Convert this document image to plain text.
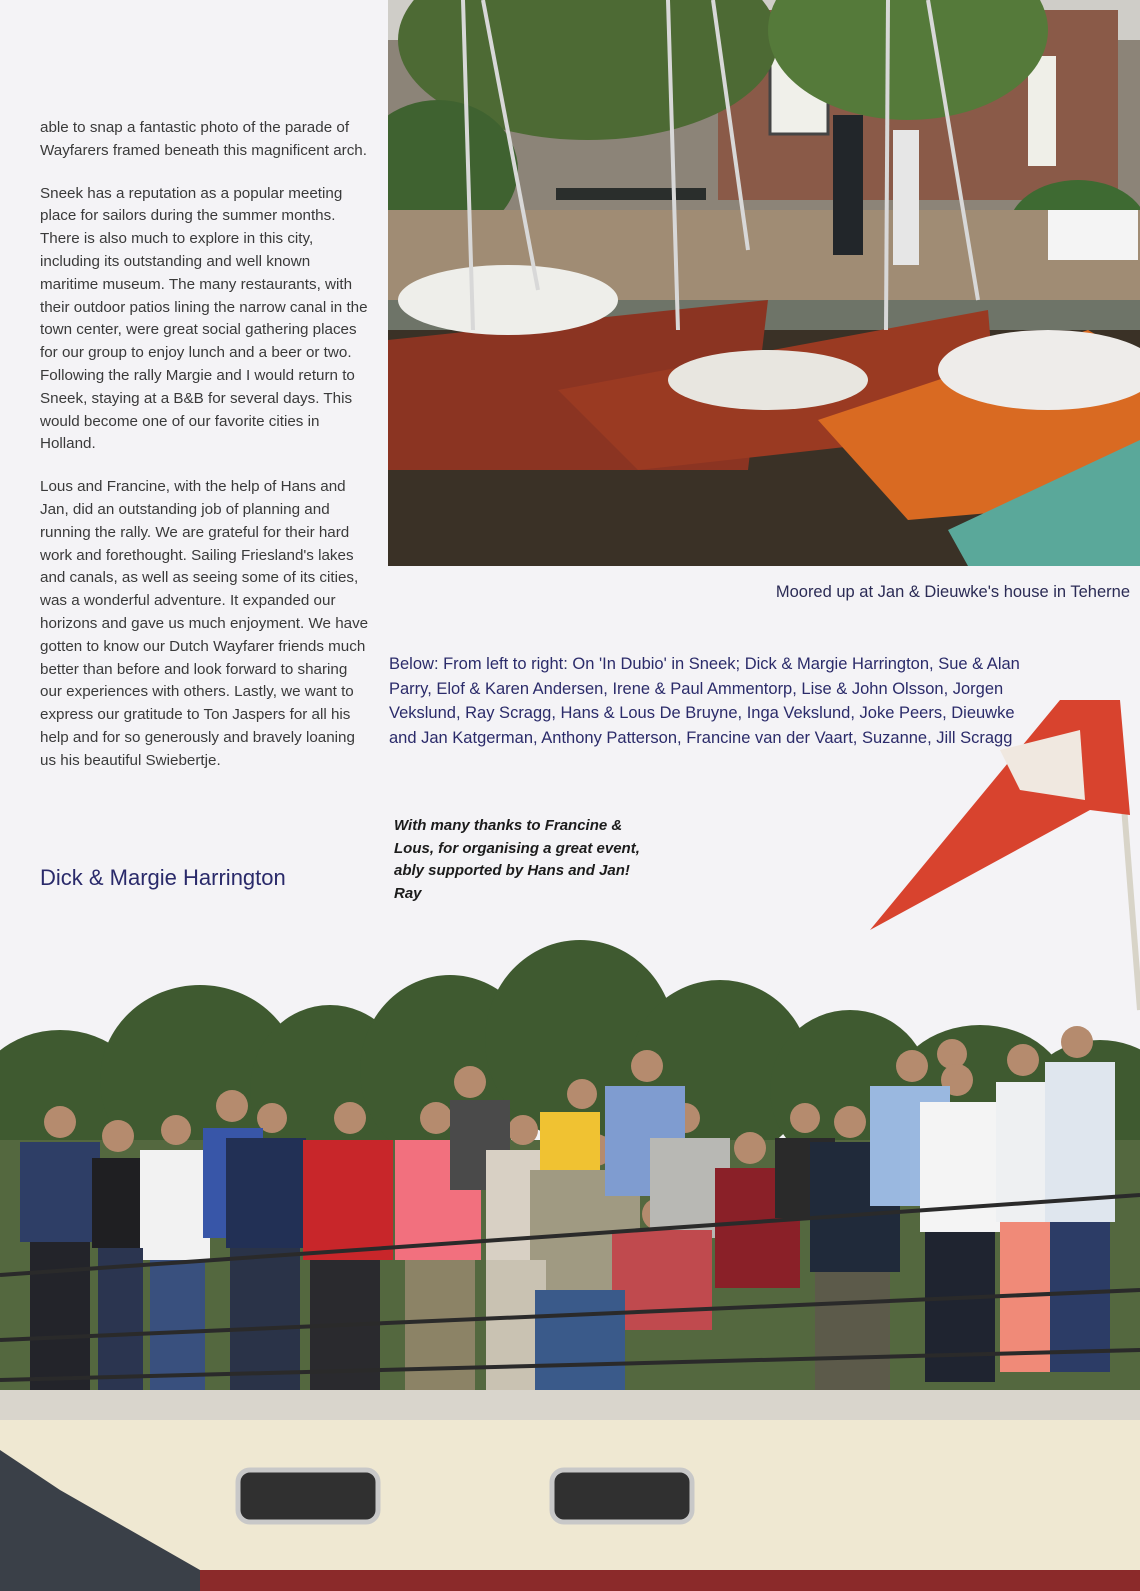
able to snap a fantastic photo of the parade of Wayfarers framed beneath this magnificent arch.

Sneek has a reputation as a popular meeting place for sailors during the summer months. There is also much to explore in this city, including its outstanding and well known maritime museum. The many restaurants, with their outdoor patios lining the narrow canal in the town center, were great social gathering places for our group to enjoy lunch and a beer or two. Following the rally Margie and I would return to Sneek, staying at a B&B for several days. This would become one of our favorite cities in Holland.

Lous and Francine, with the help of Hans and Jan, did an outstanding job of planning and running the rally. We are grateful for their hard work and forethought. Sailing Friesland's lakes and canals, as well as seeing some of its cities, was a wonderful adventure. It expanded our horizons and gave us much enjoyment. We have gotten to know our Dutch Wayfarer friends much better than before and look forward to sharing our experiences with others. Lastly, we want to express our gratitude to Ton Jaspers for all his help and for so generously and bravely loaning us his beautiful Swiebertje.

Dick & Margie Harrington
Moored up at Jan & Dieuwke's house in Teherne
Below: From left to right: On 'In Dubio' in Sneek; Dick & Margie Harrington, Sue & Alan Parry, Elof & Karen Andersen, Irene & Paul Ammentorp, Lise & John Olsson, Jorgen Vekslund, Ray Scragg, Hans & Lous De Bruyne, Inga Vekslund, Joke Peers, Dieuwke and Jan Katgerman, Anthony Patterson, Francine van der Vaart, Suzanne, Jill Scragg
With many thanks to Francine & Lous, for organising a great event, ably supported by Hans and Jan! Ray
